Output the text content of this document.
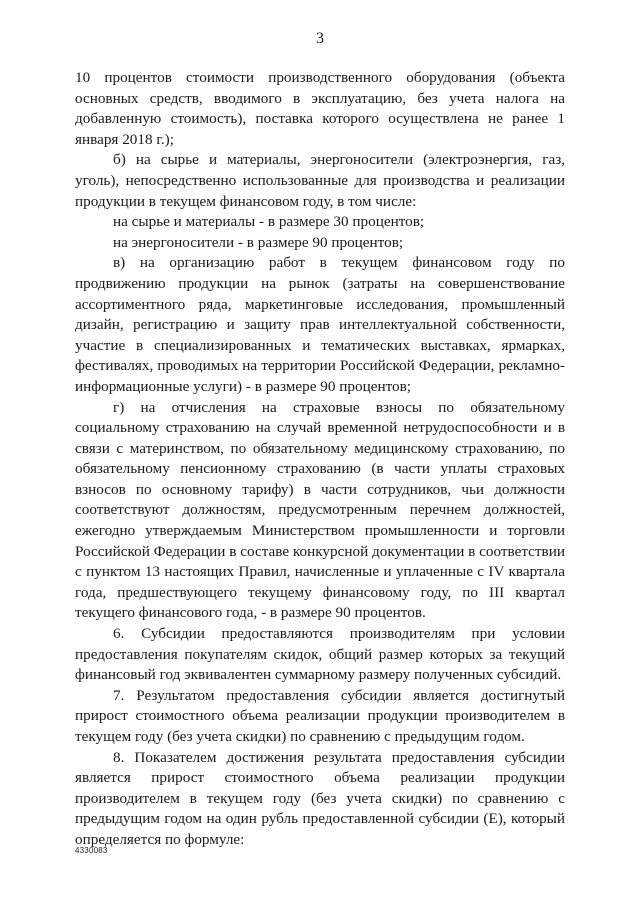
3

10 процентов стоимости производственного оборудования (объекта основных средств, вводимого в эксплуатацию, без учета налога на добавленную стоимость), поставка которого осуществлена не ранее 1 января 2018 г.);

б) на сырье и материалы, энергоносители (электроэнергия, газ, уголь), непосредственно использованные для производства и реализации продукции в текущем финансовом году, в том числе:

на сырье и материалы - в размере 30 процентов;

на энергоносители - в размере 90 процентов;

в) на организацию работ в текущем финансовом году по продвижению продукции на рынок (затраты на совершенствование ассортиментного ряда, маркетинговые исследования, промышленный дизайн, регистрацию и защиту прав интеллектуальной собственности, участие в специализированных и тематических выставках, ярмарках, фестивалях, проводимых на территории Российской Федерации, рекламно-информационные услуги) - в размере 90 процентов;

г) на отчисления на страховые взносы по обязательному социальному страхованию на случай временной нетрудоспособности и в связи с материнством, по обязательному медицинскому страхованию, по обязательному пенсионному страхованию (в части уплаты страховых взносов по основному тарифу) в части сотрудников, чьи должности соответствуют должностям, предусмотренным перечнем должностей, ежегодно утверждаемым Министерством промышленности и торговли Российской Федерации в составе конкурсной документации в соответствии с пунктом 13 настоящих Правил, начисленные и уплаченные с IV квартала года, предшествующего текущему финансовому году, по III квартал текущего финансового года, - в размере 90 процентов.

6. Субсидии предоставляются производителям при условии предоставления покупателям скидок, общий размер которых за текущий финансовый год эквивалентен суммарному размеру полученных субсидий.

7. Результатом предоставления субсидии является достигнутый прирост стоимостного объема реализации продукции производителем в текущем году (без учета скидки) по сравнению с предыдущим годом.

8. Показателем достижения результата предоставления субсидии является прирост стоимостного объема реализации продукции производителем в текущем году (без учета скидки) по сравнению с предыдущим годом на один рубль предоставленной субсидии (Е), который определяется по формуле:

4330083
